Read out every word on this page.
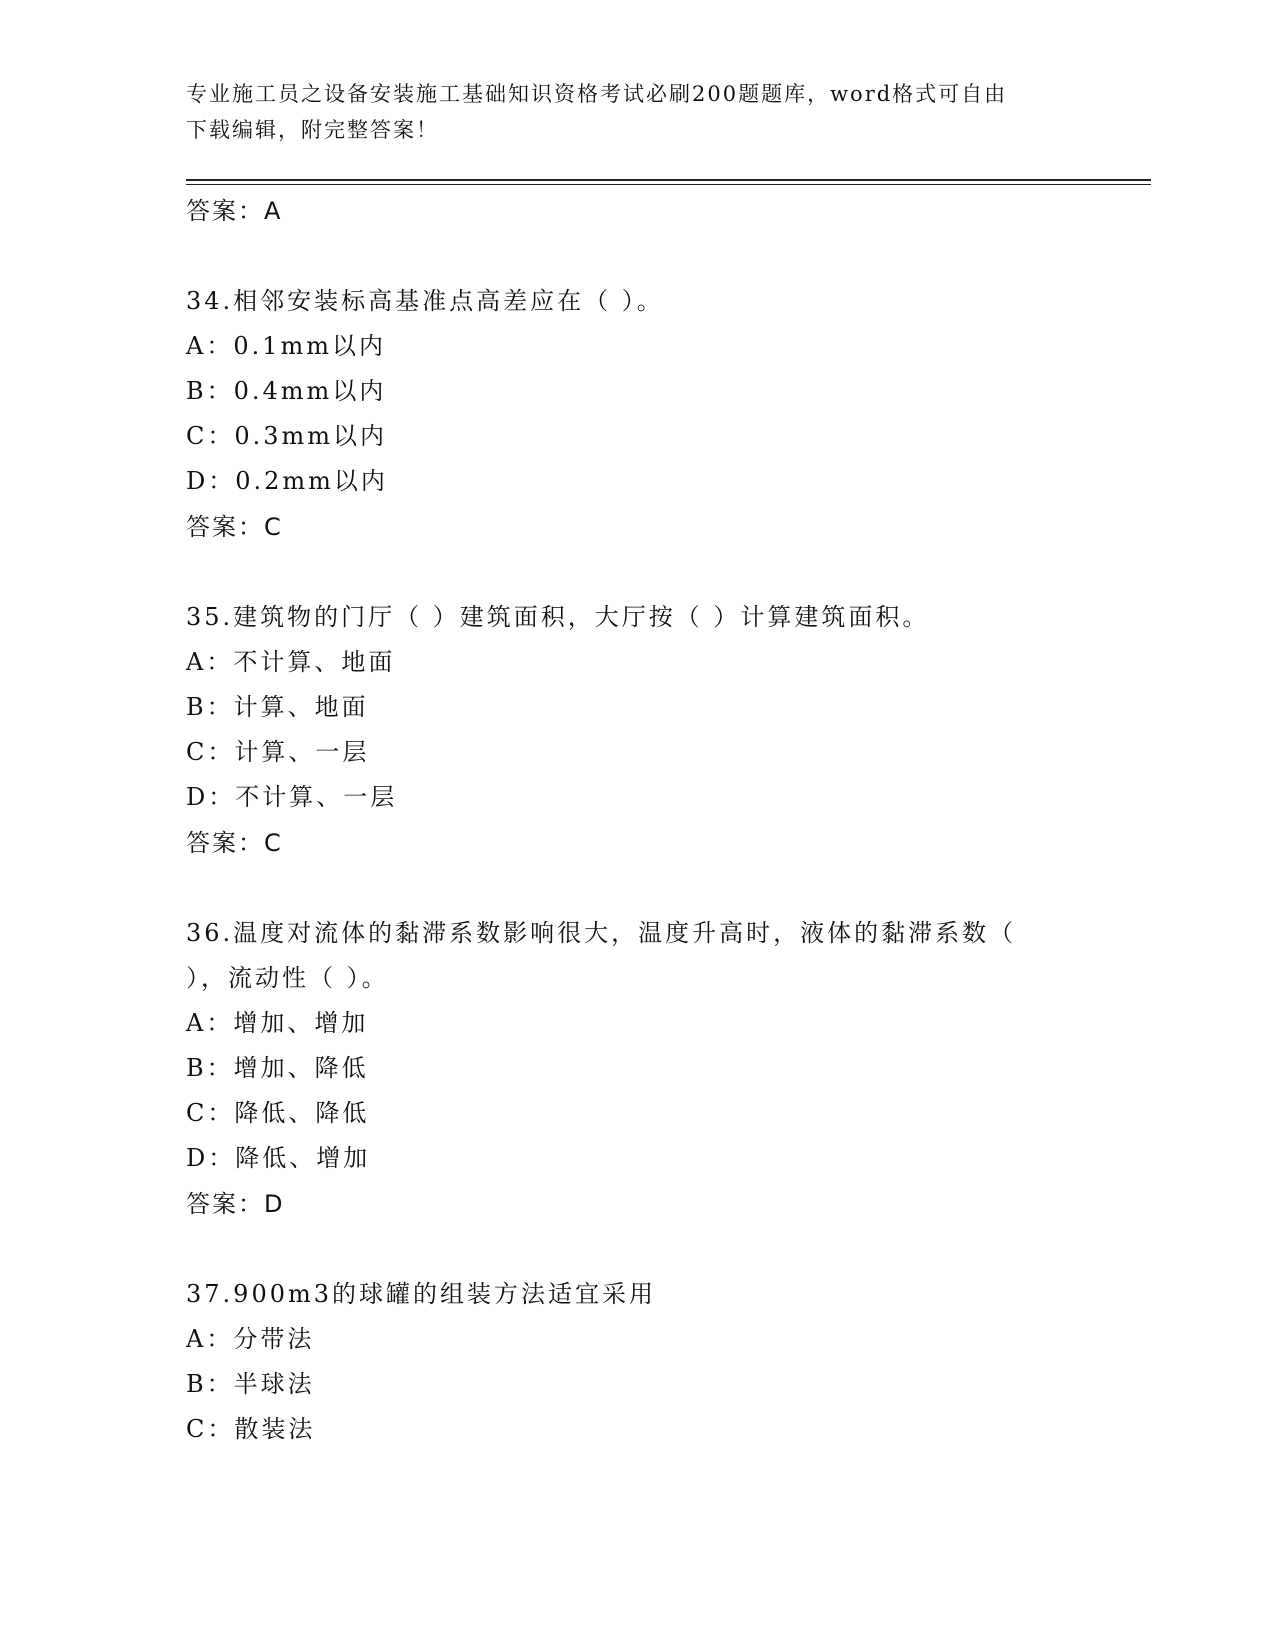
专业施工员之设备安装施工基础知识资格考试必刷200题题库，word格式可自由
下载编辑，附完整答案！
答案：A
34.相邻安装标高基准点高差应在（ ）。
A：0.1mm以内
B：0.4mm以内
C：0.3mm以内
D：0.2mm以内
答案：C
35.建筑物的门厅（ ）建筑面积，大厅按（ ）计算建筑面积。
A：不计算、地面
B：计算、地面
C：计算、一层
D：不计算、一层
答案：C
36.温度对流体的黏滞系数影响很大，温度升高时，液体的黏滞系数（
），流动性（ ）。
A：增加、增加
B：增加、降低
C：降低、降低
D：降低、增加
答案：D
37.900m3的球罐的组装方法适宜采用
A：分带法
B：半球法
C：散装法
